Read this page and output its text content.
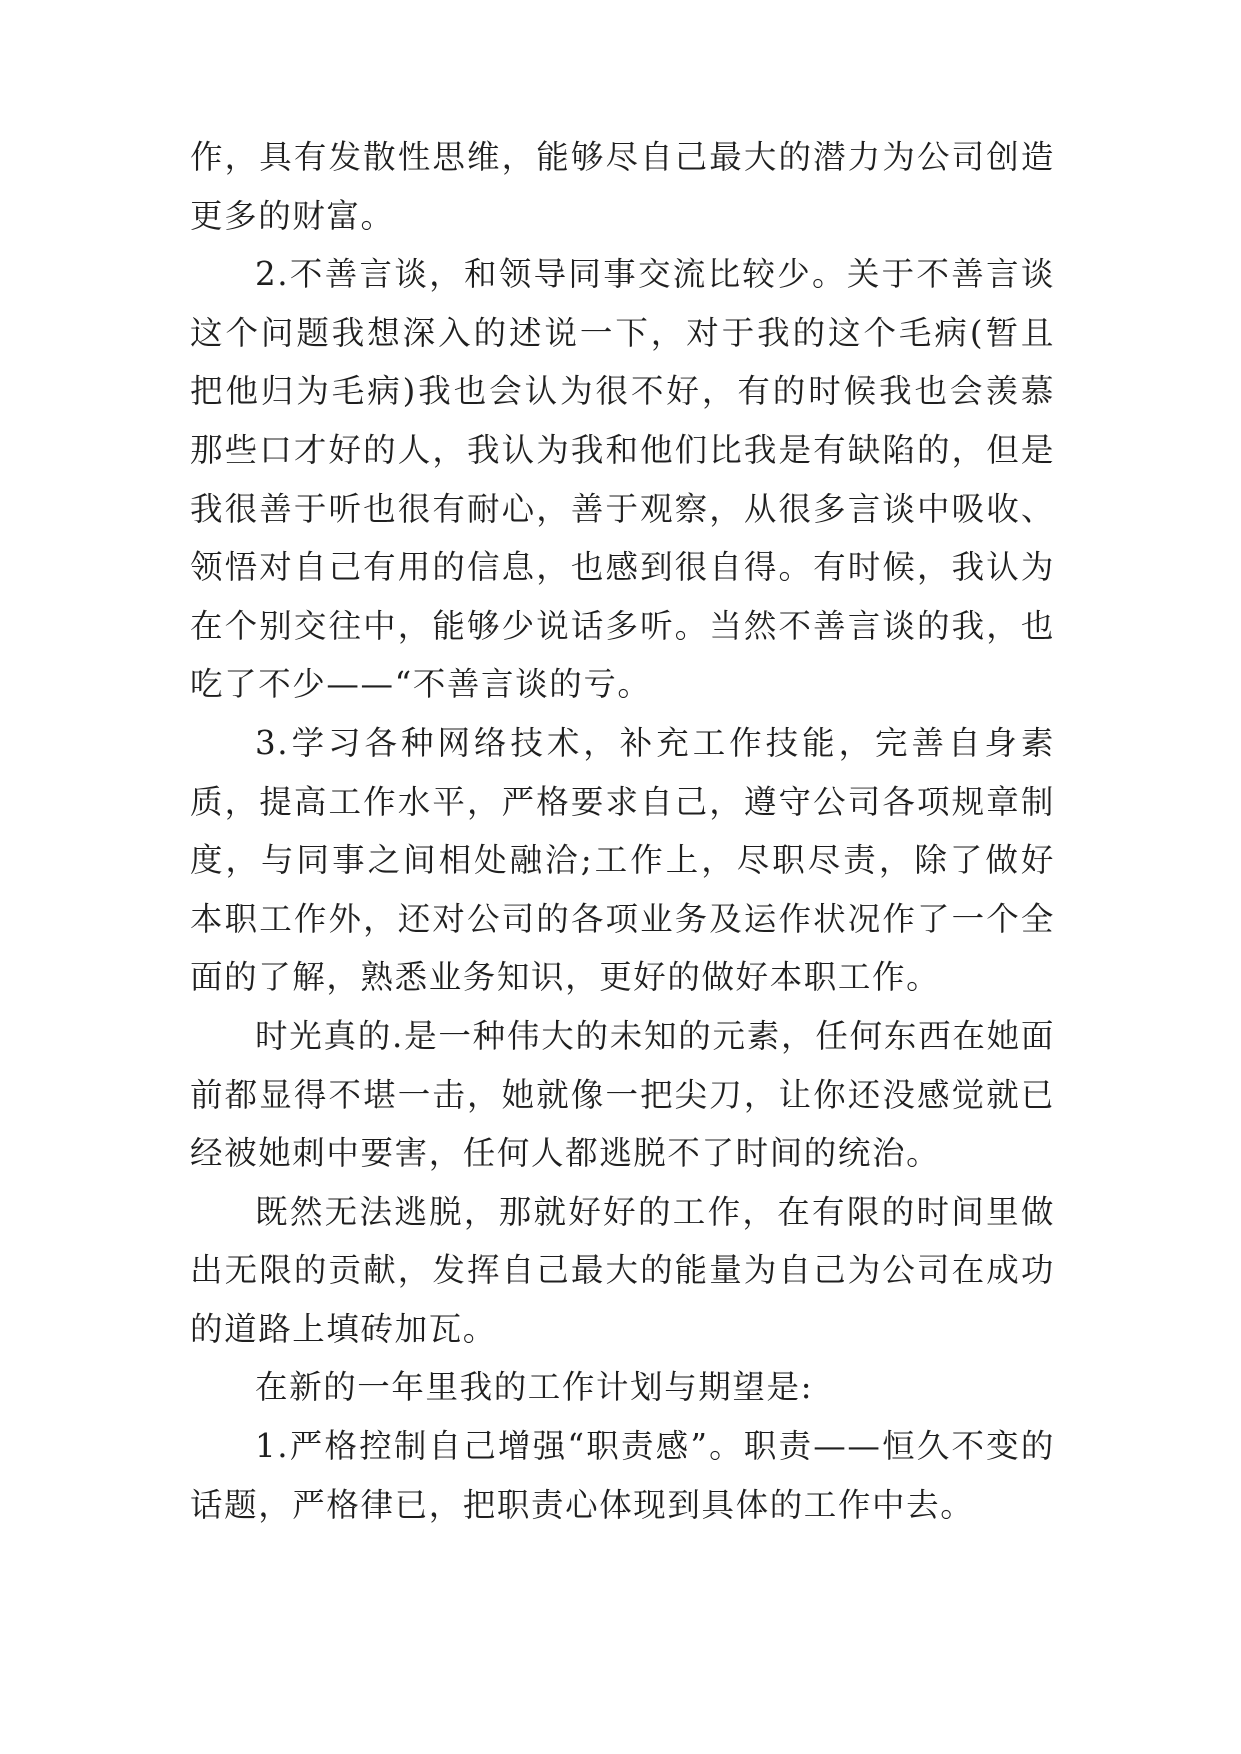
作，具有发散性思维，能够尽自己最大的潜力为公司创造更多的财富。

2.不善言谈，和领导同事交流比较少。关于不善言谈这个问题我想深入的述说一下，对于我的这个毛病(暂且把他归为毛病)我也会认为很不好，有的时候我也会羡慕那些口才好的人，我认为我和他们比我是有缺陷的，但是我很善于听也很有耐心，善于观察，从很多言谈中吸收、领悟对自己有用的信息，也感到很自得。有时候，我认为在个别交往中，能够少说话多听。当然不善言谈的我，也吃了不少——“不善言谈的亏。

3.学习各种网络技术，补充工作技能，完善自身素质，提高工作水平，严格要求自己，遵守公司各项规章制度，与同事之间相处融洽;工作上，尽职尽责，除了做好本职工作外，还对公司的各项业务及运作状况作了一个全面的了解，熟悉业务知识，更好的做好本职工作。

时光真的.是一种伟大的未知的元素，任何东西在她面前都显得不堪一击，她就像一把尖刀，让你还没感觉就已经被她刺中要害，任何人都逃脱不了时间的统治。

既然无法逃脱，那就好好的工作，在有限的时间里做出无限的贡献，发挥自己最大的能量为自己为公司在成功的道路上填砖加瓦。

在新的一年里我的工作计划与期望是:

1.严格控制自己增强“职责感”。职责——恒久不变的话题，严格律已，把职责心体现到具体的工作中去。
